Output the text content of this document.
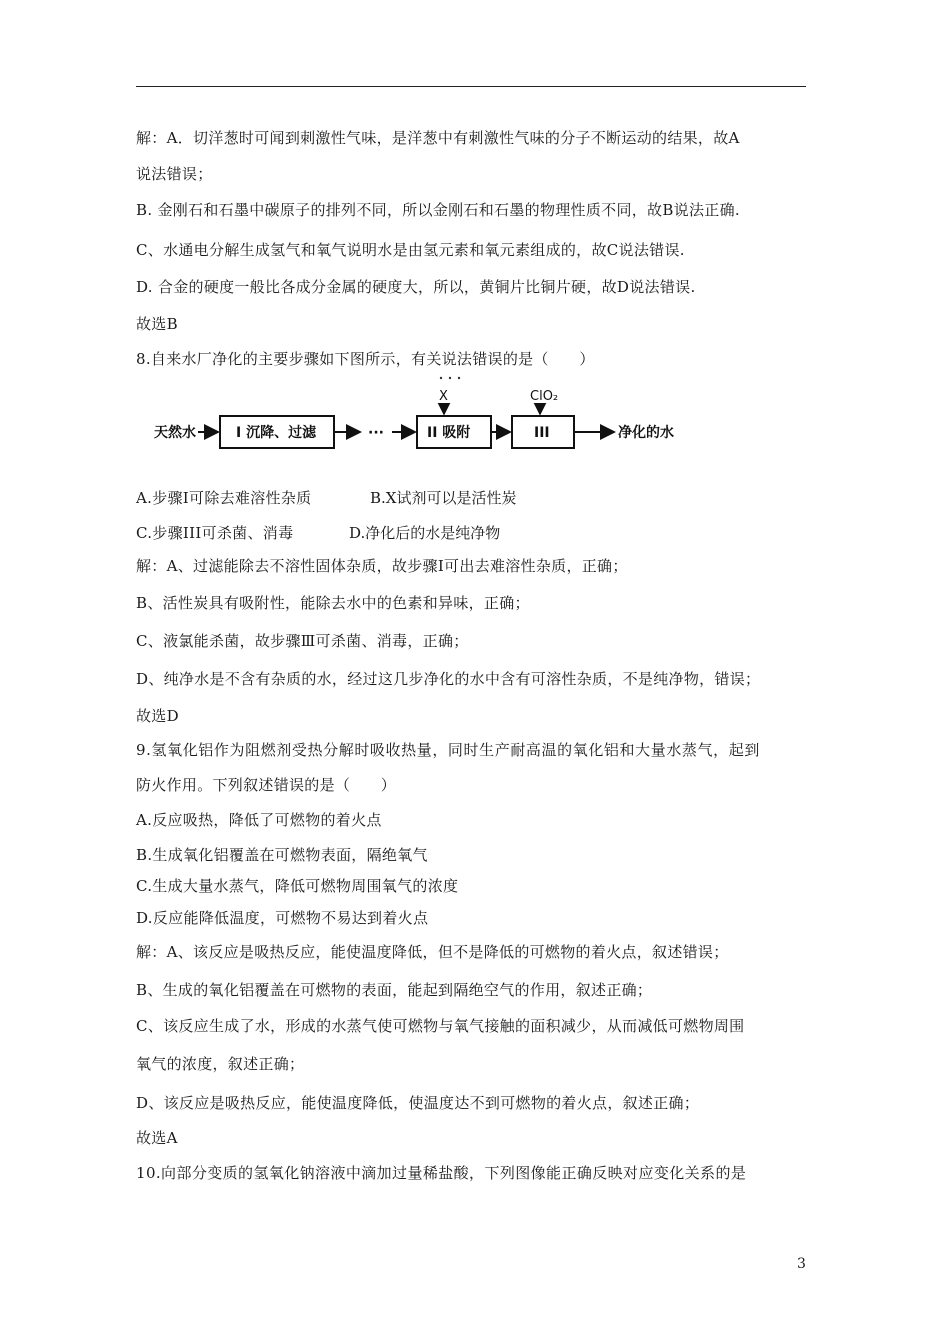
解：A．切洋葱时可闻到刺激性气味，是洋葱中有刺激性气味的分子不断运动的结果，故A
说法错误；
B. 金刚石和石墨中碳原子的排列不同，所以金刚石和石墨的物理性质不同，故B说法正确.
C、水通电分解生成氢气和氧气说明水是由氢元素和氧元素组成的，故C说法错误.
D. 合金的硬度一般比各成分金属的硬度大，所以，黄铜片比铜片硬，故D说法错误.
故选B
8.自来水厂净化的主要步骤如下图所示，有关说法错误的是（　　）
天然水	I 沉降、过滤	···
X
II 吸附
ClO₂
III	净化的水
A.步骤I可除去难溶性杂质	B.X试剂可以是活性炭
C.步骤III可杀菌、消毒	D.净化后的水是纯净物
解：A、过滤能除去不溶性固体杂质，故步骤Ⅰ可出去难溶性杂质，正确；
B、活性炭具有吸附性，能除去水中的色素和异味，正确；
C、液氯能杀菌，故步骤Ⅲ可杀菌、消毒，正确；
D、纯净水是不含有杂质的水，经过这几步净化的水中含有可溶性杂质，不是纯净物，错误；
故选D
9.氢氧化铝作为阻燃剂受热分解时吸收热量，同时生产耐高温的氧化铝和大量水蒸气，起到
防火作用。下列叙述错误的是（　　）
A.反应吸热，降低了可燃物的着火点
B.生成氧化铝覆盖在可燃物表面，隔绝氧气
C.生成大量水蒸气，降低可燃物周围氧气的浓度
D.反应能降低温度，可燃物不易达到着火点
解：A、该反应是吸热反应，能使温度降低，但不是降低的可燃物的着火点，叙述错误；
B、生成的氧化铝覆盖在可燃物的表面，能起到隔绝空气的作用，叙述正确；
C、该反应生成了水，形成的水蒸气使可燃物与氧气接触的面积减少，从而减低可燃物周围
氧气的浓度，叙述正确；
D、该反应是吸热反应，能使温度降低，使温度达不到可燃物的着火点，叙述正确；
故选A
10.向部分变质的氢氧化钠溶液中滴加过量稀盐酸，下列图像能正确反映对应变化关系的是
3
